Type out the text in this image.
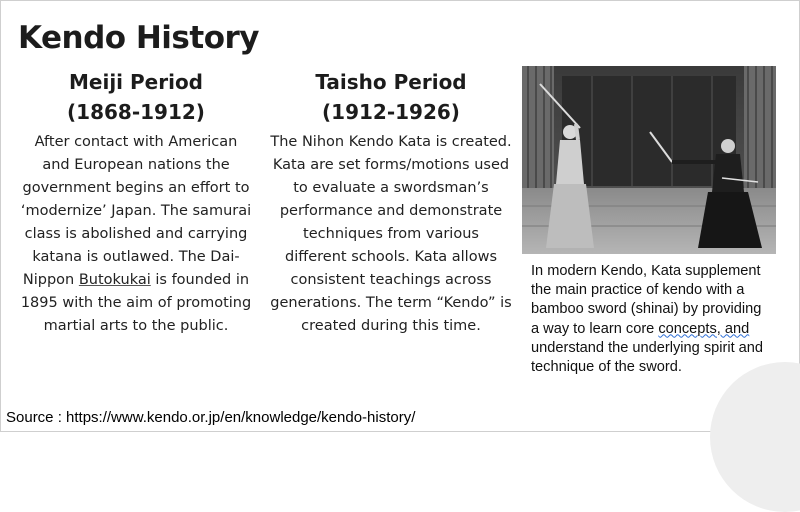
Kendo History
Meiji Period
(1868-1912)
After contact with American and European nations the government begins an effort to ‘modernize’ Japan. The samurai class is abolished and carrying katana is outlawed. The Dai-Nippon Butokukai is founded in 1895 with the aim of promoting martial arts to the public.
Taisho Period
(1912-1926)
The Nihon Kendo Kata is created. Kata are set forms/motions used to evaluate a swordsman’s performance and demonstrate techniques from various different schools. Kata allows consistent teachings across generations. The term “Kendo” is created during this time.
In modern Kendo, Kata supplement the main practice of kendo with a bamboo sword (shinai) by providing a way to learn core concepts, and understand the underlying spirit and technique of the sword.
Source : https://www.kendo.or.jp/en/knowledge/kendo-history/
